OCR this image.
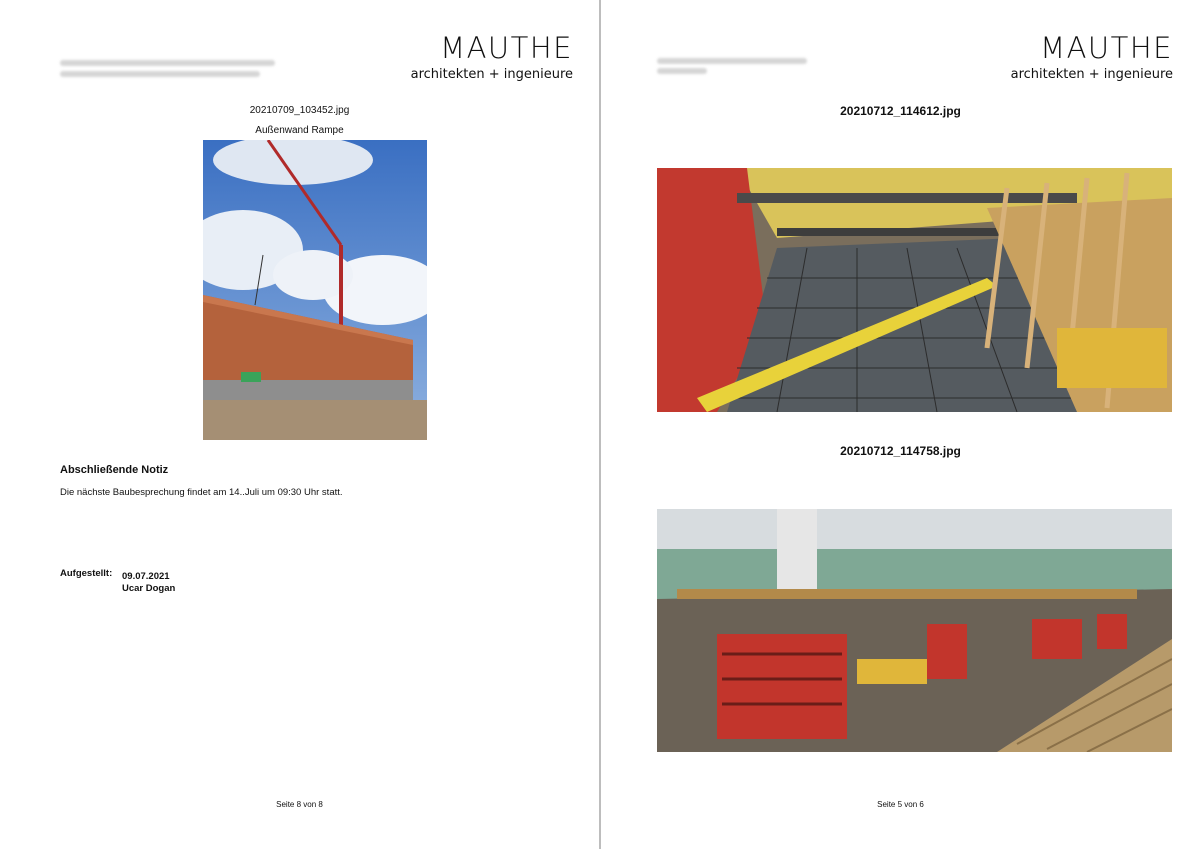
MAUTHE
architekten + ingenieure
20210709_103452.jpg
Außenwand Rampe
Abschließende Notiz
Die nächste Baubesprechung findet am 14..Juli um 09:30 Uhr statt.
Aufgestellt: 09.07.2021
Ucar Dogan
Seite 8 von 8
MAUTHE
architekten + ingenieure
20210712_114612.jpg
20210712_114758.jpg
Seite 5 von 6
